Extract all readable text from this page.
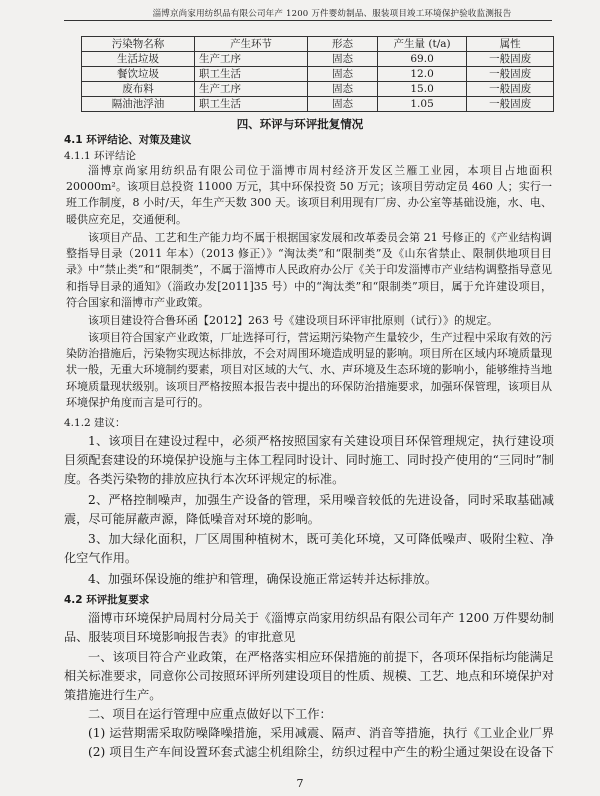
淄博京尚家用纺织品有限公司年产 1200 万件婴幼制品、服装项目竣工环境保护验收监测报告
污染物名称	产生环节	形态	产生量 (t/a)	属性
生活垃圾	生产工序	固态	69.0	一般固废
餐饮垃圾	职工生活	固态	12.0	一般固废
废布料	生产工序	固态	15.0	一般固废
隔油池浮油	职工生活	固态	1.05	一般固废
四、环评与环评批复情况
4.1 环评结论、对策及建议
4.1.1 环评结论
淄博京尚家用纺织品有限公司位于淄博市周村经济开发区兰雁工业园，本项目占地面积 20000m²。该项目总投资 11000 万元，其中环保投资 50 万元；该项目劳动定员 460 人；实行一班工作制度，8 小时/天，年生产天数 300 天。该项目利用现有厂房、办公室等基础设施，水、电、暖供应充足，交通便利。
该项目产品、工艺和生产能力均不属于根据国家发展和改革委员会第 21 号修正的《产业结构调整指导目录（2011 年本）（2013 修正）》“淘汰类”和“限制类”及《山东省禁止、限制供地项目目录》中“禁止类”和“限制类”，不属于淄博市人民政府办公厅《关于印发淄博市产业结构调整指导意见和指导目录的通知》（淄政办发[2011]35 号）中的“淘汰类”和“限制类”项目，属于允许建设项目，符合国家和淄博市产业政策。
该项目建设符合鲁环函【2012】263 号《建设项目环评审批原则（试行）》的规定。
该项目符合国家产业政策，厂址选择可行，营运期污染物产生量较少，生产过程中采取有效的污染防治措施后，污染物实现达标排放，不会对周围环境造成明显的影响。项目所在区域内环境质量现状一般，无重大环境制约要素，项目对区域的大气、水、声环境及生态环境的影响小，能够维持当地环境质量现状级别。该项目严格按照本报告表中提出的环保防治措施要求，加强环保管理，该项目从环境保护角度而言是可行的。
4.1.2 建议：
1、该项目在建设过程中，必须严格按照国家有关建设项目环保管理规定，执行建设项目须配套建设的环境保护设施与主体工程同时设计、同时施工、同时投产使用的“三同时”制度。各类污染物的排放应执行本次环评规定的标准。
2、严格控制噪声，加强生产设备的管理，采用噪音较低的先进设备，同时采取基础减震，尽可能屏蔽声源，降低噪音对环境的影响。
3、加大绿化面积，厂区周围种植树木，既可美化环境，又可降低噪声、吸附尘粒、净化空气作用。
4、加强环保设施的维护和管理，确保设施正常运转并达标排放。
4.2 环评批复要求
淄博市环境保护局周村分局关于《淄博京尚家用纺织品有限公司年产 1200 万件婴幼制品、服装项目环境影响报告表》的审批意见
一、该项目符合产业政策，在严格落实相应环保措施的前提下，各项环保指标均能满足相关标准要求，同意你公司按照环评所列建设项目的性质、规模、工艺、地点和环境保护对策措施进行生产。
二、项目在运行管理中应重点做好以下工作：
(1) 运营期需采取防噪降噪措施，采用减震、隔声、消音等措施，执行《工业企业厂界
(2) 项目生产车间设置环套式滤尘机组除尘，纺织过程中产生的粉尘通过架设在设备下
7
